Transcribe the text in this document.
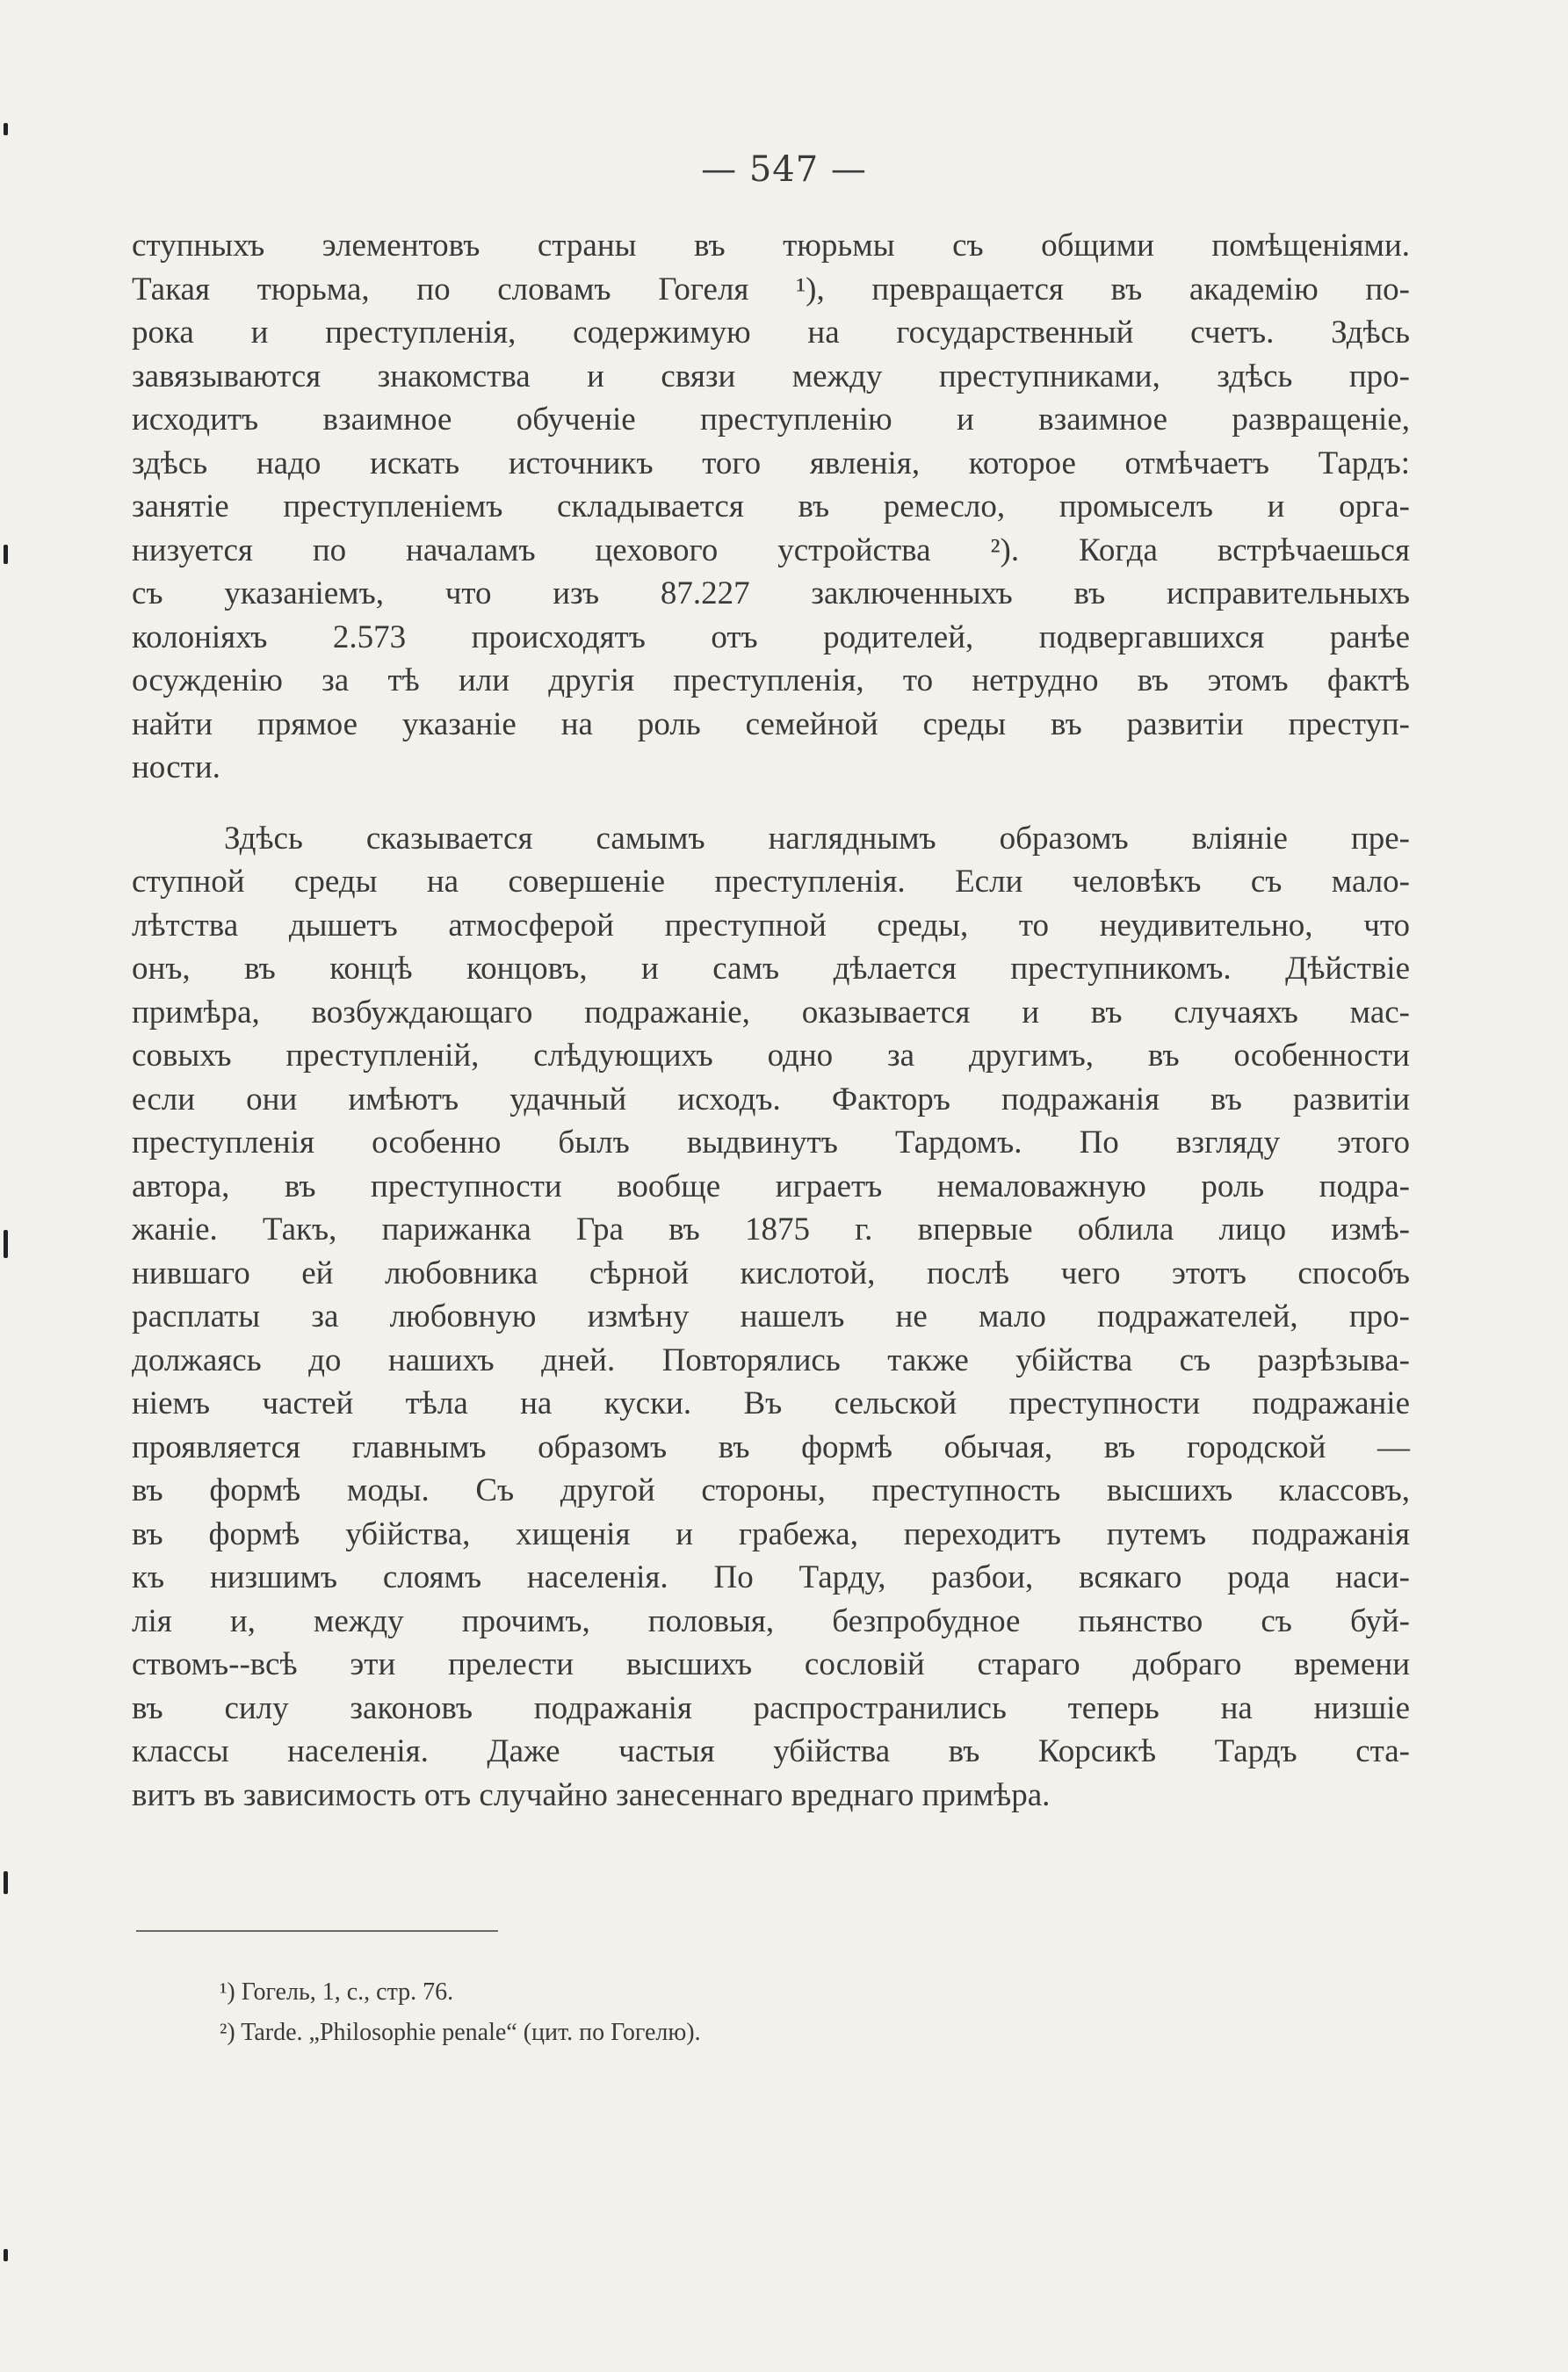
— 547 —
ступныхъ элементовъ страны въ тюрьмы съ общими помѣщеніями.
Такая тюрьма, по словамъ Гогеля ¹), превращается въ академію по-
рока и преступленія, содержимую на государственный счетъ. Здѣсь
завязываются знакомства и связи между преступниками, здѣсь про-
исходитъ взаимное обученіе преступленію и взаимное развращеніе,
здѣсь надо искать источникъ того явленія, которое отмѣчаетъ Тардъ:
занятіе преступленіемъ складывается въ ремесло, промыселъ и орга-
низуется по началамъ цехового устройства ²). Когда встрѣчаешься
съ указаніемъ, что изъ 87.227 заключенныхъ въ исправительныхъ
колоніяхъ 2.573 происходятъ отъ родителей, подвергавшихся ранѣе
осужденію за тѣ или другія преступленія, то нетрудно въ этомъ фактѣ
найти прямое указаніе на роль семейной среды въ развитіи преступ-
ности.
Здѣсь сказывается самымъ нагляднымъ образомъ вліяніе пре-
ступной среды на совершеніе преступленія. Если человѣкъ съ мало-
лѣтства дышетъ атмосферой преступной среды, то неудивительно, что
онъ, въ концѣ концовъ, и самъ дѣлается преступникомъ. Дѣйствіе
примѣра, возбуждающаго подражаніе, оказывается и въ случаяхъ мас-
совыхъ преступленій, слѣдующихъ одно за другимъ, въ особенности
если они имѣютъ удачный исходъ. Факторъ подражанія въ развитіи
преступленія особенно былъ выдвинутъ Тардомъ. По взгляду этого
автора, въ преступности вообще играетъ немаловажную роль подра-
жаніе. Такъ, парижанка Гра въ 1875 г. впервые облила лицо измѣ-
нившаго ей любовника сѣрной кислотой, послѣ чего этотъ способъ
расплаты за любовную измѣну нашелъ не мало подражателей, про-
должаясь до нашихъ дней. Повторялись также убійства съ разрѣзыва-
ніемъ частей тѣла на куски. Въ сельской преступности подражаніе
проявляется главнымъ образомъ въ формѣ обычая, въ городской —
въ формѣ моды. Съ другой стороны, преступность высшихъ классовъ,
въ формѣ убійства, хищенія и грабежа, переходитъ путемъ подражанія
къ низшимъ слоямъ населенія. По Тарду, разбои, всякаго рода наси-
лія и, между прочимъ, половыя, безпробудное пьянство съ буй-
ствомъ--всѣ эти прелести высшихъ сословій стараго добраго времени
въ силу законовъ подражанія распространились теперь на низшіе
классы населенія. Даже частыя убійства въ Корсикѣ Тардъ ста-
витъ въ зависимость отъ случайно занесеннаго вреднаго примѣра.
¹) Гогель, 1, с., стр. 76.
²) Tarde. „Philosophie penale“ (цит. по Гогелю).
